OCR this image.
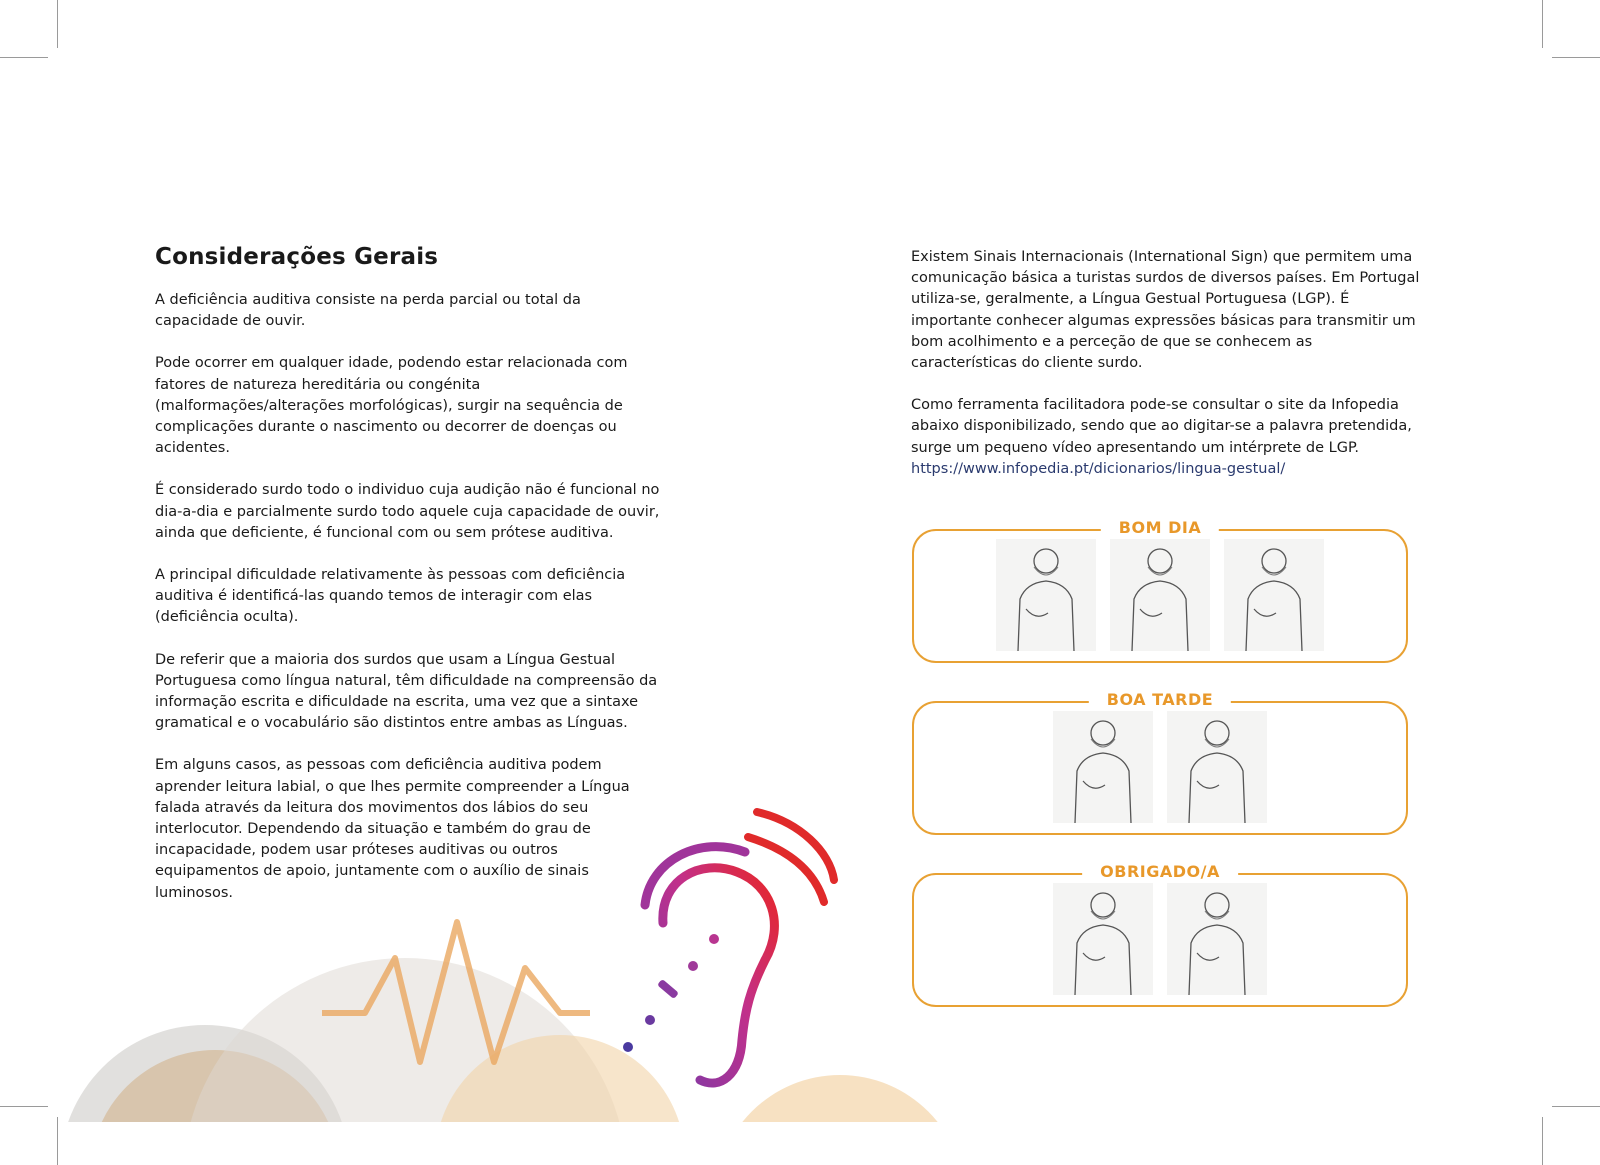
Considerações Gerais

A deficiência auditiva consiste na perda parcial ou total da capacidade de ouvir.

Pode ocorrer em qualquer idade, podendo estar relacionada com fatores de natureza hereditária ou congénita (malformações/alterações morfológicas), surgir na sequência de complicações durante o nascimento ou decorrer de doenças ou acidentes.

É considerado surdo todo o individuo cuja audição não é funcional no dia-a-dia e parcialmente surdo todo aquele cuja capacidade de ouvir, ainda que deficiente, é funcional com ou sem prótese auditiva.

A principal dificuldade relativamente às pessoas com deficiência auditiva é identificá-las quando temos de interagir com elas (deficiência oculta).

De referir que a maioria dos surdos que usam a Língua Gestual Portuguesa como língua natural, têm dificuldade na compreensão da informação escrita e dificuldade na escrita, uma vez que a sintaxe gramatical e o vocabulário são distintos entre ambas as Línguas.

Em alguns casos, as pessoas com deficiência auditiva podem aprender leitura labial, o que lhes permite compreender a Língua falada através da leitura dos movimentos dos lábios do seu interlocutor. Dependendo da situação e também do grau de incapacidade, podem usar próteses auditivas ou outros equipamentos de apoio, juntamente com o auxílio de sinais luminosos.

Existem Sinais Internacionais (International Sign) que permitem uma comunicação básica a turistas surdos de diversos países. Em Portugal utiliza-se, geralmente, a Língua Gestual Portuguesa (LGP). É importante conhecer algumas expressões básicas para transmitir um bom acolhimento e a perceção de que se conhecem as características do cliente surdo.

Como ferramenta facilitadora pode-se consultar o site da Infopedia abaixo disponibilizado, sendo que ao digitar-se a palavra pretendida, surge um pequeno vídeo apresentando um intérprete de LGP.

https://www.infopedia.pt/dicionarios/lingua-gestual/

BOM DIA
BOA TARDE
OBRIGADO/A
